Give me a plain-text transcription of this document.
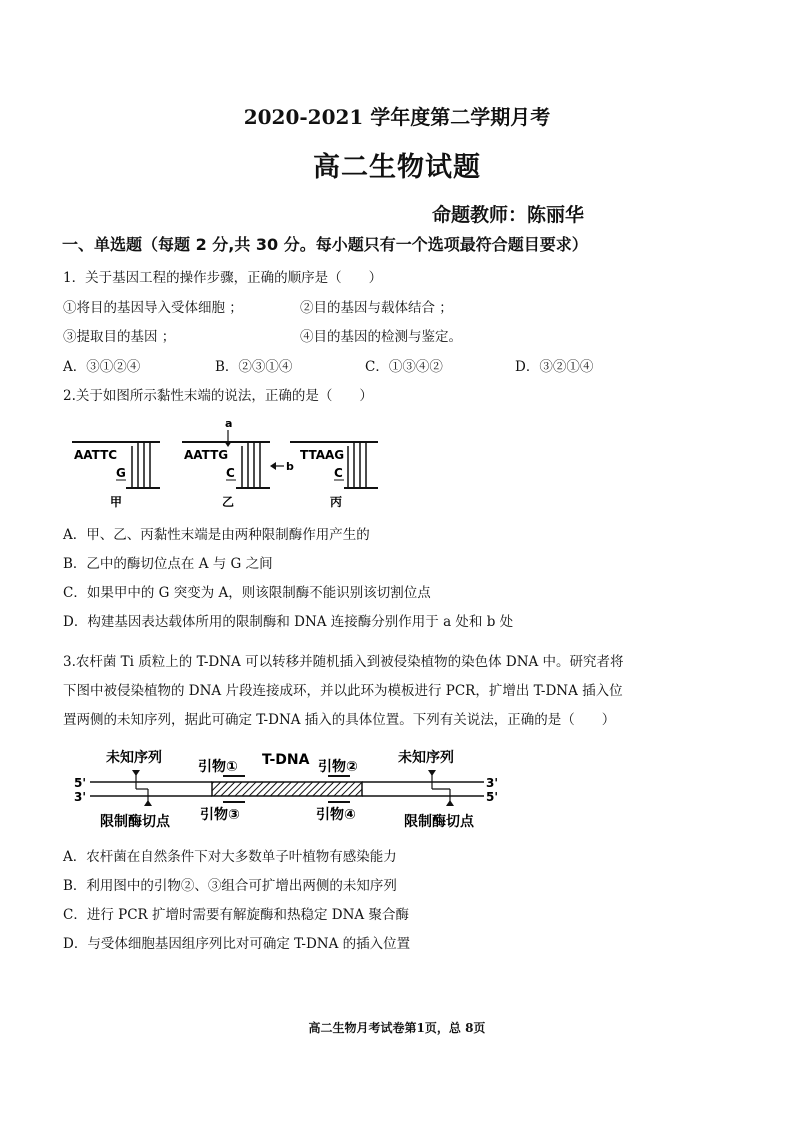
2020-2021 学年度第二学期月考
高二生物试题
命题教师：陈丽华
一、单选题（每题 2 分,共 30 分。每小题只有一个选项最符合题目要求）
1．关于基因工程的操作步骤，正确的顺序是（　　）
①将目的基因导入受体细胞 ；	②目的基因与载体结合 ；
③提取目的基因 ；	④目的基因的检测与鉴定。
A．③①②④	B．②③①④	C．①③④②	D．③②①④
2.关于如图所示黏性末端的说法，正确的是（　　）
AATTC
G
甲
a
AATTG
C	b
乙
TTAAG
C
丙
A．甲、乙、丙黏性末端是由两种限制酶作用产生的
B．乙中的酶切位点在 A 与 G 之间
C．如果甲中的 G 突变为 A，则该限制酶不能识别该切割位点
D．构建基因表达载体所用的限制酶和 DNA 连接酶分别作用于 a 处和 b 处
3.农杆菌 Ti 质粒上的 T-DNA 可以转移并随机插入到被侵染植物的染色体 DNA 中。研究者将
下图中被侵染植物的 DNA 片段连接成环，并以此环为模板进行 PCR，扩增出 T-DNA 插入位
置两侧的未知序列，据此可确定 T-DNA 插入的具体位置。下列有关说法，正确的是（　　）
5'
3'
3'
5'
未知序列	未知序列
引物① T-DNA 引物②
引物③	引物④
限制酶切点	限制酶切点
A．农杆菌在自然条件下对大多数单子叶植物有感染能力
B．利用图中的引物②、③组合可扩增出两侧的未知序列
C．进行 PCR 扩增时需要有解旋酶和热稳定 DNA 聚合酶
D．与受体细胞基因组序列比对可确定 T-DNA 的插入位置
高二生物月考试卷第1页，总 8页
